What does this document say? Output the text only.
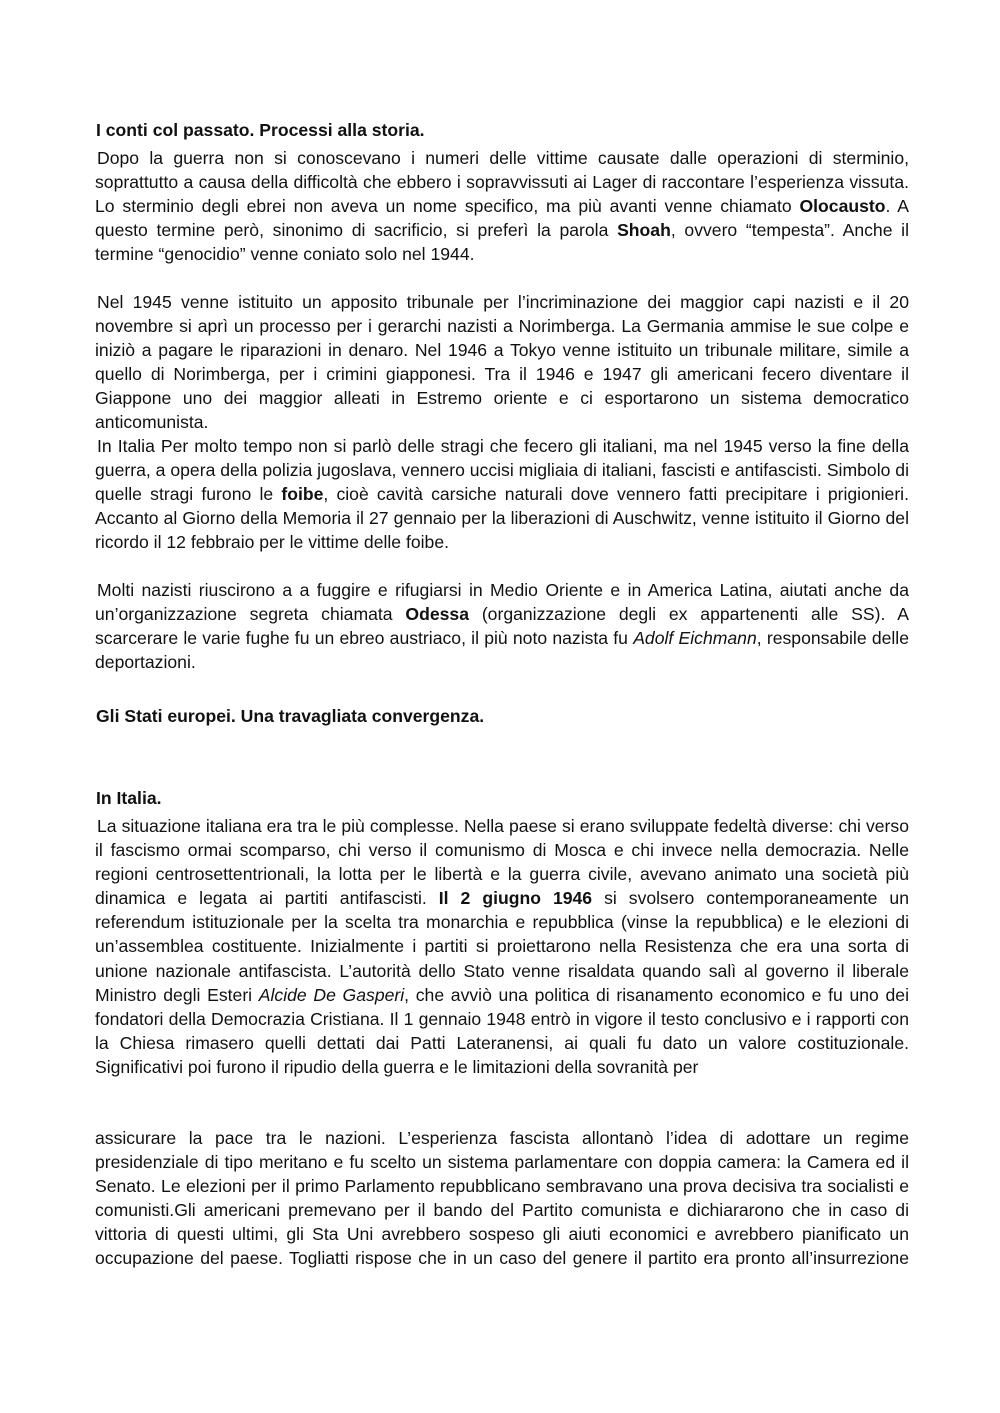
I conti col passato. Processi alla storia.

Dopo la guerra non si conoscevano i numeri delle vittime causate dalle operazioni di sterminio, soprattutto a causa della difficoltà che ebbero i sopravvissuti ai Lager di raccontare l’esperienza vissuta. Lo sterminio degli ebrei non aveva un nome specifico, ma più avanti venne chiamato Olocausto. A questo termine però, sinonimo di sacrificio, si preferì la parola Shoah, ovvero “tempesta”. Anche il termine “genocidio” venne coniato solo nel 1944.

Nel 1945 venne istituito un apposito tribunale per l’incriminazione dei maggior capi nazisti e il 20 novembre si aprì un processo per i gerarchi nazisti a Norimberga. La Germania ammise le sue colpe e iniziò a pagare le riparazioni in denaro. Nel 1946 a Tokyo venne istituito un tribunale militare, simile a quello di Norimberga, per i crimini giapponesi. Tra il 1946 e 1947 gli americani fecero diventare il Giappone uno dei maggior alleati in Estremo oriente e ci esportarono un sistema democratico anticomunista.

In Italia Per molto tempo non si parlò delle stragi che fecero gli italiani, ma nel 1945 verso la fine della guerra, a opera della polizia jugoslava, vennero uccisi migliaia di italiani, fascisti e antifascisti. Simbolo di quelle stragi furono le foibe, cioè cavità carsiche naturali dove vennero fatti precipitare i prigionieri. Accanto al Giorno della Memoria il 27 gennaio per la liberazioni di Auschwitz, venne istituito il Giorno del ricordo il 12 febbraio per le vittime delle foibe.

Molti nazisti riuscirono a a fuggire e rifugiarsi in Medio Oriente e in America Latina, aiutati anche da un’organizzazione segreta chiamata Odessa (organizzazione degli ex appartenenti alle SS). A scarcerare le varie fughe fu un ebreo austriaco, il più noto nazista fu Adolf Eichmann, responsabile delle deportazioni.

Gli Stati europei. Una travagliata convergenza.
In Italia.

La situazione italiana era tra le più complesse. Nella paese si erano sviluppate fedeltà diverse: chi verso il fascismo ormai scomparso, chi verso il comunismo di Mosca e chi invece nella democrazia. Nelle regioni centrosettentrionali, la lotta per le libertà e la guerra civile, avevano animato una società più dinamica e legata ai partiti antifascisti. Il 2 giugno 1946 si svolsero contemporaneamente un referendum istituzionale per la scelta tra monarchia e repubblica (vinse la repubblica) e le elezioni di un’assemblea costituente. Inizialmente i partiti si proiettarono nella Resistenza che era una sorta di unione nazionale antifascista. L’autorità dello Stato venne risaldata quando salì al governo il liberale Ministro degli Esteri Alcide De Gasperi, che avviò una politica di risanamento economico e fu uno dei fondatori della Democrazia Cristiana. Il 1 gennaio 1948 entrò in vigore il testo conclusivo e i rapporti con la Chiesa rimasero quelli dettati dai Patti Lateranensi, ai quali fu dato un valore costituzionale. Significativi poi furono il ripudio della guerra e le limitazioni della sovranità per

assicurare la pace tra le nazioni. L’esperienza fascista allontanò l’idea di adottare un regime presidenziale di tipo meritano e fu scelto un sistema parlamentare con doppia camera: la Camera ed il Senato. Le elezioni per il primo Parlamento repubblicano sembravano una prova decisiva tra socialisti e comunisti.Gli americani premevano per il bando del Partito comunista e dichiararono che in caso di vittoria di questi ultimi, gli Sta Uni avrebbero sospeso gli aiuti economici e avrebbero pianificato un occupazione del paese. Togliatti rispose che in un caso del genere il partito era pronto all’insurrezione
